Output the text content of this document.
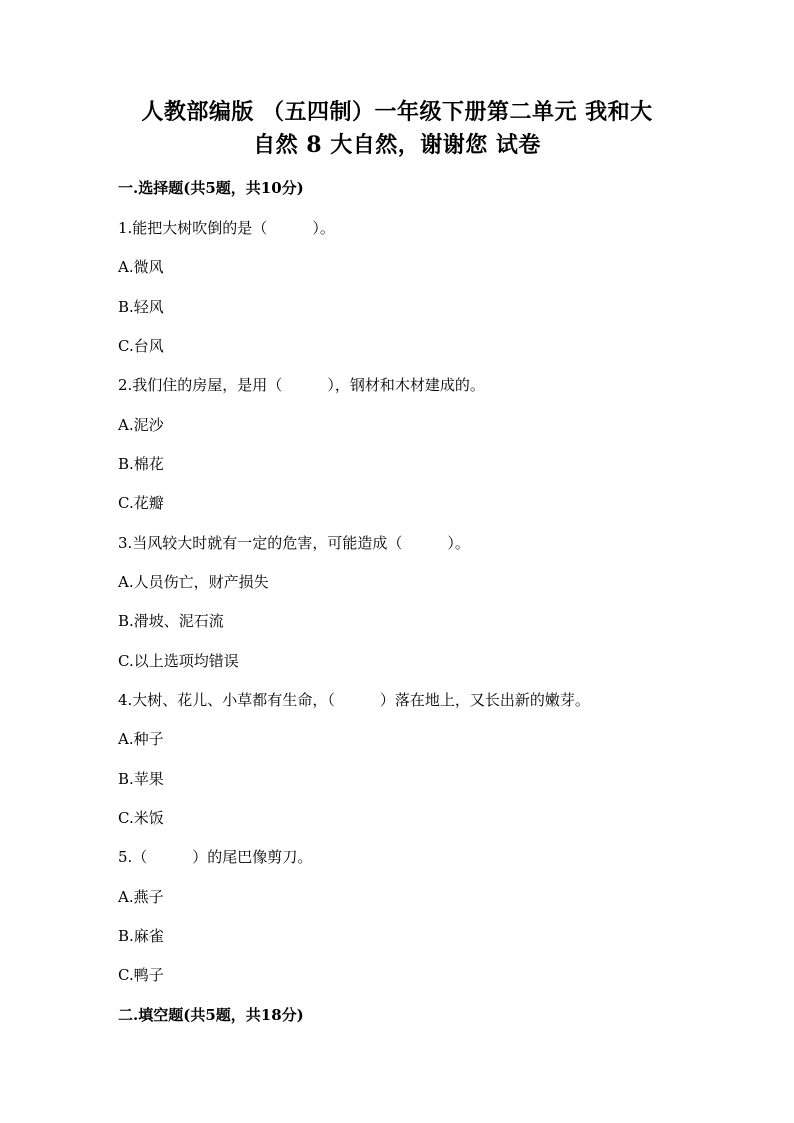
人教部编版 （五四制）一年级下册第二单元 我和大
自然 8 大自然，谢谢您 试卷
一.选择题(共5题，共10分)
1.能把大树吹倒的是（　　　）。
A.微风
B.轻风
C.台风
2.我们住的房屋，是用（　　　），钢材和木材建成的。
A.泥沙
B.棉花
C.花瓣
3.当风较大时就有一定的危害，可能造成（　　　）。
A.人员伤亡，财产损失
B.滑坡、泥石流
C.以上选项均错误
4.大树、花儿、小草都有生命，（　　　）落在地上，又长出新的嫩芽。
A.种子
B.苹果
C.米饭
5.（　　　）的尾巴像剪刀。
A.燕子
B.麻雀
C.鸭子
二.填空题(共5题，共18分)
